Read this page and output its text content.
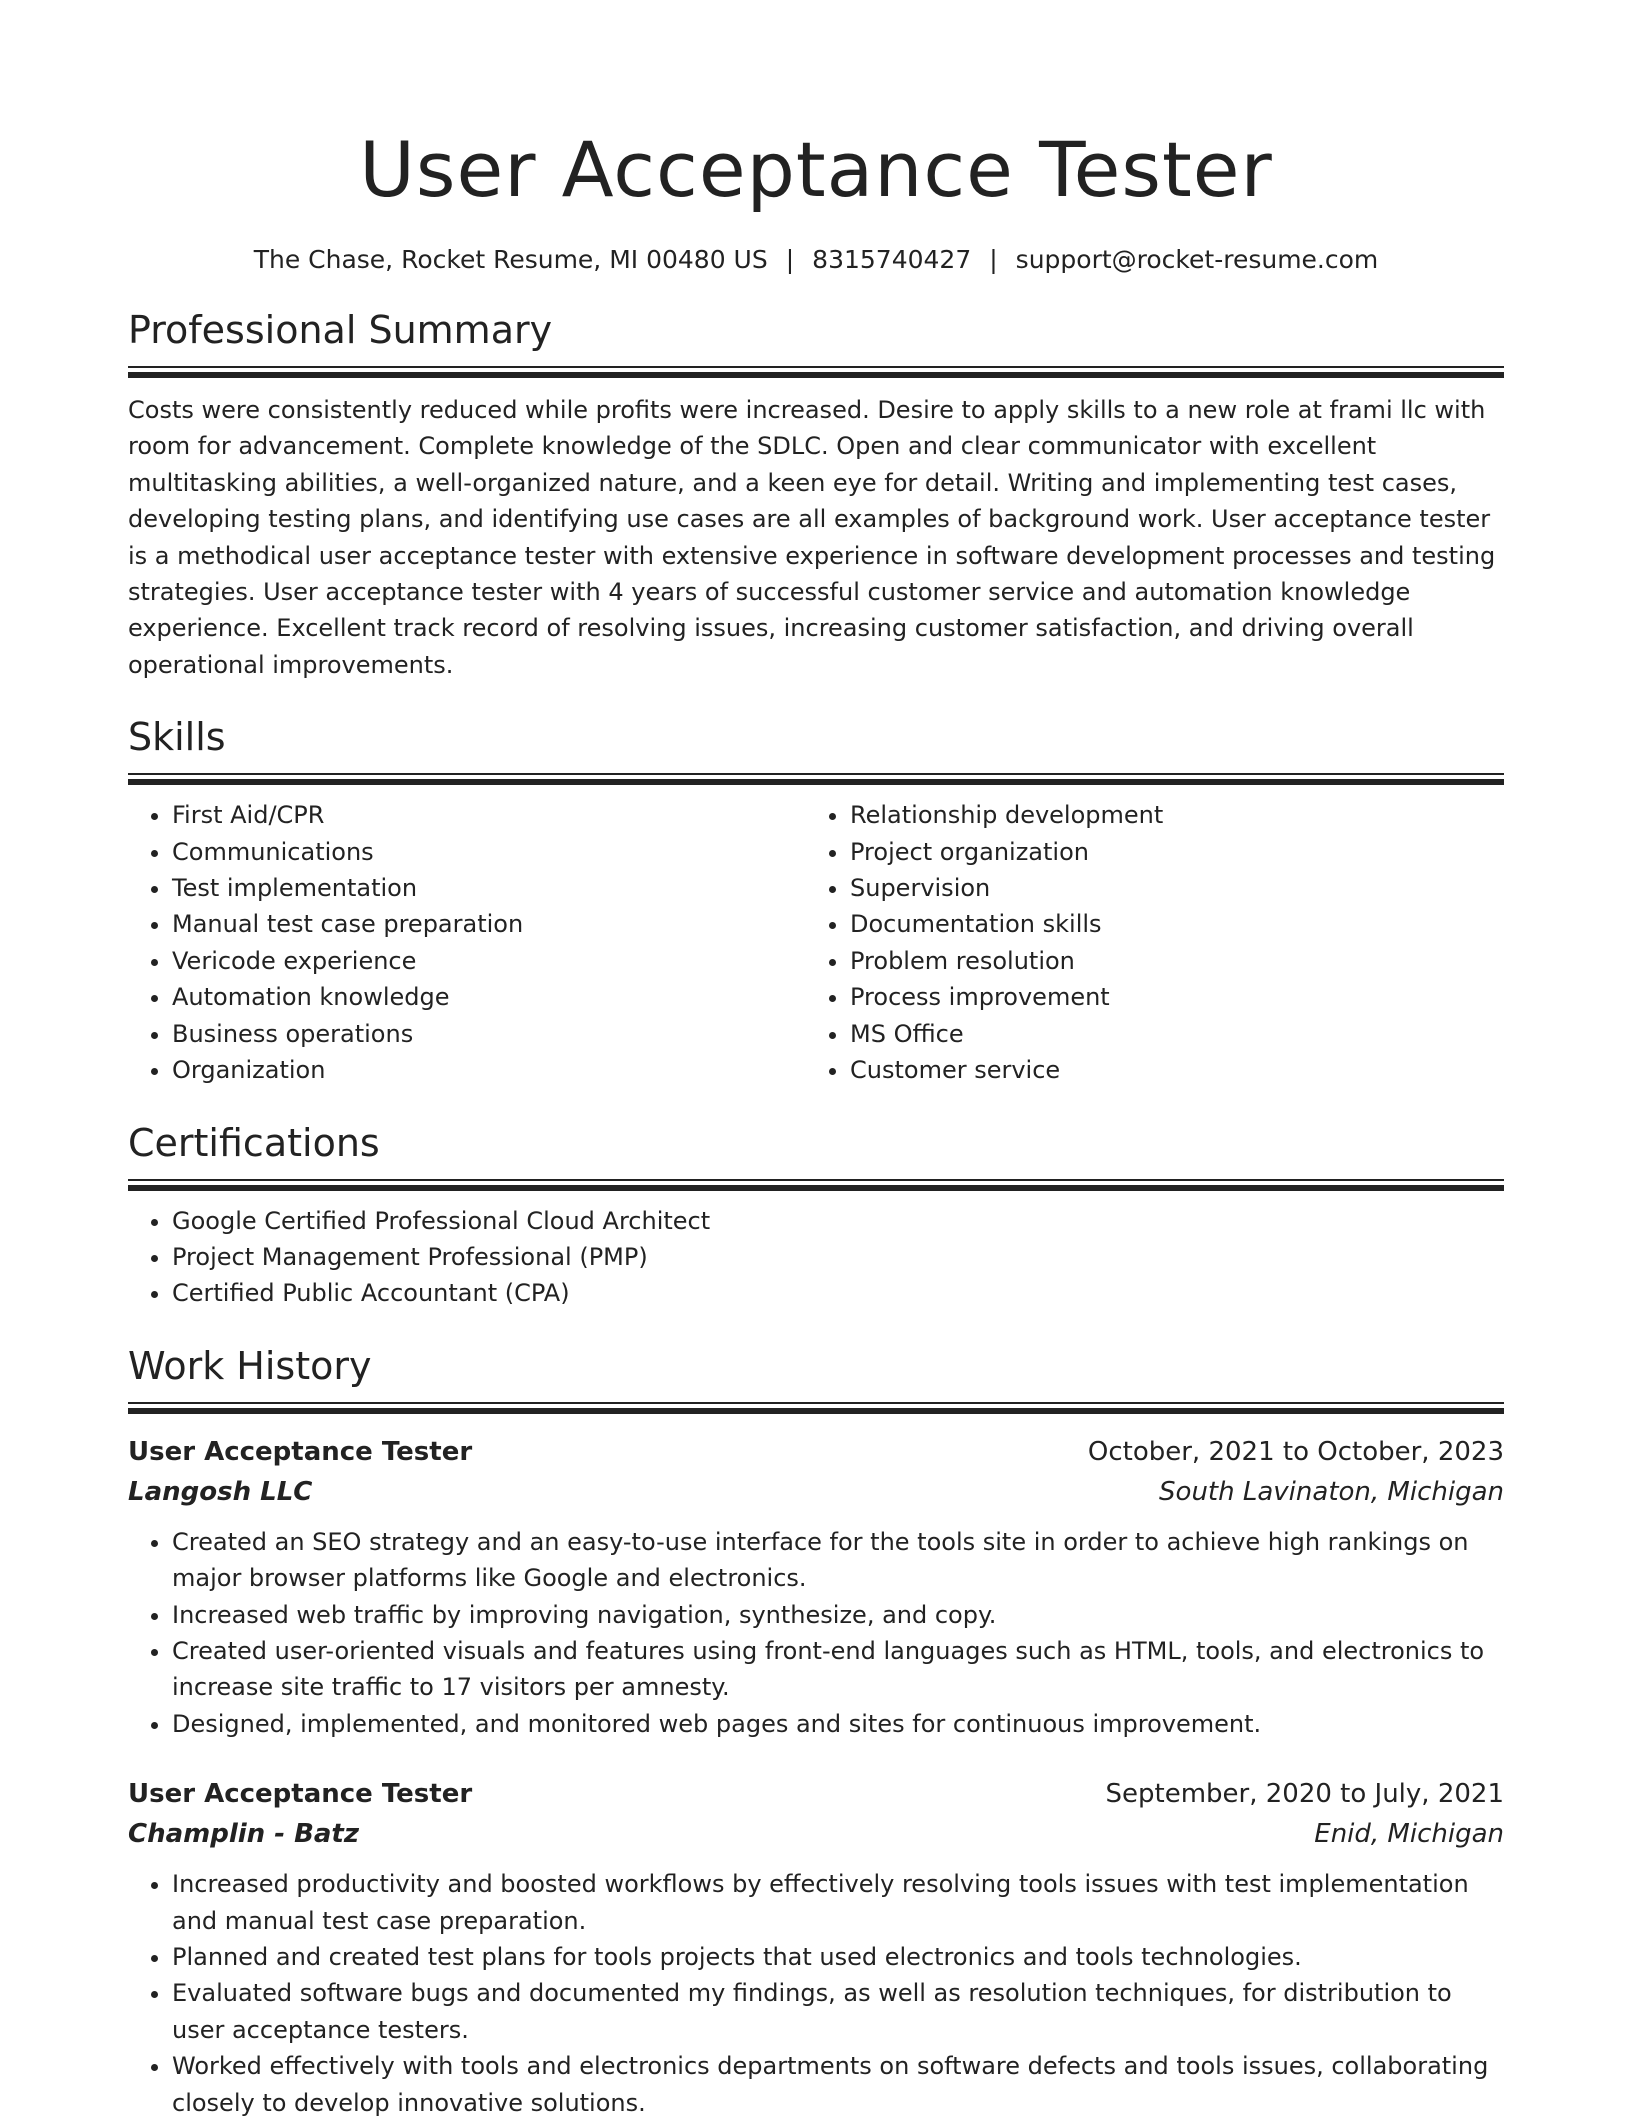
User Acceptance Tester
The Chase, Rocket Resume, MI 00480 US | 8315740427 | support@rocket-resume.com
Professional Summary

Costs were consistently reduced while profits were increased. Desire to apply skills to a new role at frami llc with room for advancement. Complete knowledge of the SDLC. Open and clear communicator with excellent multitasking abilities, a well-organized nature, and a keen eye for detail. Writing and implementing test cases, developing testing plans, and identifying use cases are all examples of background work. User acceptance tester is a methodical user acceptance tester with extensive experience in software development processes and testing strategies. User acceptance tester with 4 years of successful customer service and automation knowledge experience. Excellent track record of resolving issues, increasing customer satisfaction, and driving overall operational improvements.

Skills
• First Aid/CPR
• Communications
• Test implementation
• Manual test case preparation
• Vericode experience
• Automation knowledge
• Business operations
• Organization
• Relationship development
• Project organization
• Supervision
• Documentation skills
• Problem resolution
• Process improvement
• MS Office
• Customer service
Certifications
• Google Certified Professional Cloud Architect
• Project Management Professional (PMP)
• Certified Public Accountant (CPA)
Work History
User Acceptance Tester	October, 2021 to October, 2023
Langosh LLC	South Lavinaton, Michigan
• Created an SEO strategy and an easy-to-use interface for the tools site in order to achieve high rankings on major browser platforms like Google and electronics.
• Increased web traffic by improving navigation, synthesize, and copy.
• Created user-oriented visuals and features using front-end languages such as HTML, tools, and electronics to increase site traffic to 17 visitors per amnesty.
• Designed, implemented, and monitored web pages and sites for continuous improvement.
User Acceptance Tester	September, 2020 to July, 2021
Champlin - Batz	Enid, Michigan
• Increased productivity and boosted workflows by effectively resolving tools issues with test implementation and manual test case preparation.
• Planned and created test plans for tools projects that used electronics and tools technologies.
• Evaluated software bugs and documented my findings, as well as resolution techniques, for distribution to user acceptance testers.
• Worked effectively with tools and electronics departments on software defects and tools issues, collaborating closely to develop innovative solutions.
